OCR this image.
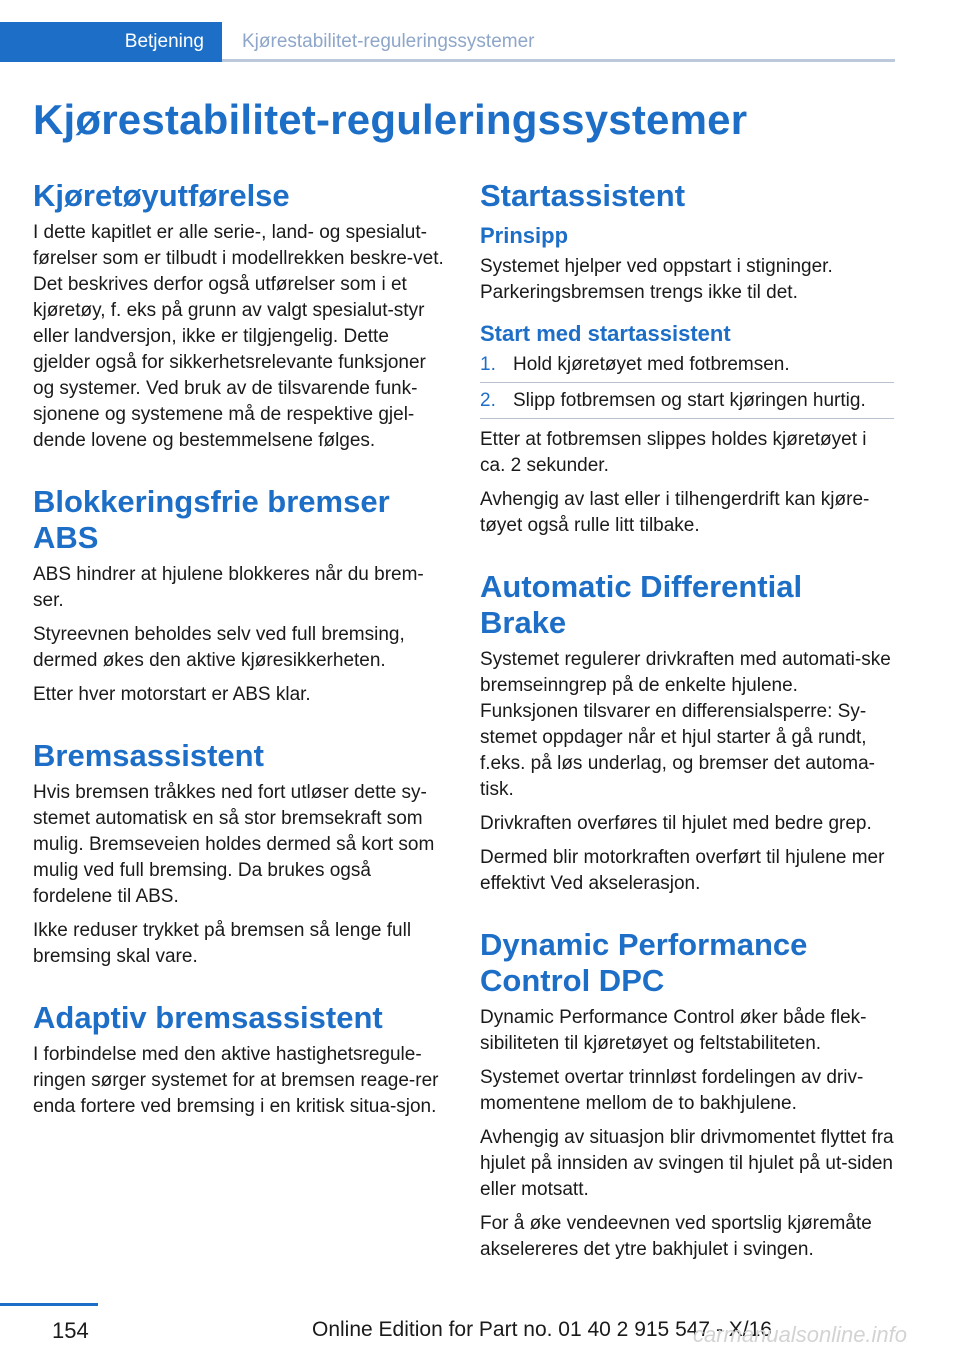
Betjening Kjørestabilitet-reguleringssystemer
Kjørestabilitet-reguleringssystemer
Kjøretøyutførelse

I dette kapitlet er alle serie-, land- og spesialut-førelser som er tilbudt i modellrekken beskre-vet. Det beskrives derfor også utførelser som i et kjøretøy, f. eks på grunn av valgt spesialut-styr eller landversjon, ikke er tilgjengelig. Dette gjelder også for sikkerhetsrelevante funksjoner og systemer. Ved bruk av de tilsvarende funk-sjonene og systemene må de respektive gjel-dende lovene og bestemmelsene følges.

Blokkeringsfrie bremser ABS

ABS hindrer at hjulene blokkeres når du brem-ser.

Styreevnen beholdes selv ved full bremsing, dermed økes den aktive kjøresikkerheten.

Etter hver motorstart er ABS klar.

Bremsassistent

Hvis bremsen tråkkes ned fort utløser dette sy-stemet automatisk en så stor bremsekraft som mulig. Bremseveien holdes dermed så kort som mulig ved full bremsing. Da brukes også fordelene til ABS.

Ikke reduser trykket på bremsen så lenge full bremsing skal vare.

Adaptiv bremsassistent

I forbindelse med den aktive hastighetsregule-ringen sørger systemet for at bremsen reage-rer enda fortere ved bremsing i en kritisk situa-sjon.

Startassistent
Prinsipp

Systemet hjelper ved oppstart i stigninger. Parkeringsbremsen trengs ikke til det.

Start med startassistent
1. Hold kjøretøyet med fotbremsen.
2. Slipp fotbremsen og start kjøringen hurtig.

Etter at fotbremsen slippes holdes kjøretøyet i ca. 2 sekunder.

Avhengig av last eller i tilhengerdrift kan kjøre-tøyet også rulle litt tilbake.

Automatic Differential Brake

Systemet regulerer drivkraften med automati-ske bremseinngrep på de enkelte hjulene. Funksjonen tilsvarer en differensialsperre: Sy-stemet oppdager når et hjul starter å gå rundt, f.eks. på løs underlag, og bremser det automa-tisk.

Drivkraften overføres til hjulet med bedre grep.

Dermed blir motorkraften overført til hjulene mer effektivt Ved akselerasjon.

Dynamic Performance Control DPC

Dynamic Performance Control øker både flek-sibiliteten til kjøretøyet og feltstabiliteten.

Systemet overtar trinnløst fordelingen av driv-momentene mellom de to bakhjulene.

Avhengig av situasjon blir drivmomentet flyttet fra hjulet på innsiden av svingen til hjulet på ut-siden eller motsatt.

For å øke vendeevnen ved sportslig kjøremåte akselereres det ytre bakhjulet i svingen.

154	Online Edition for Part no. 01 40 2 915 547 - X/16
carmanualsonline.info
